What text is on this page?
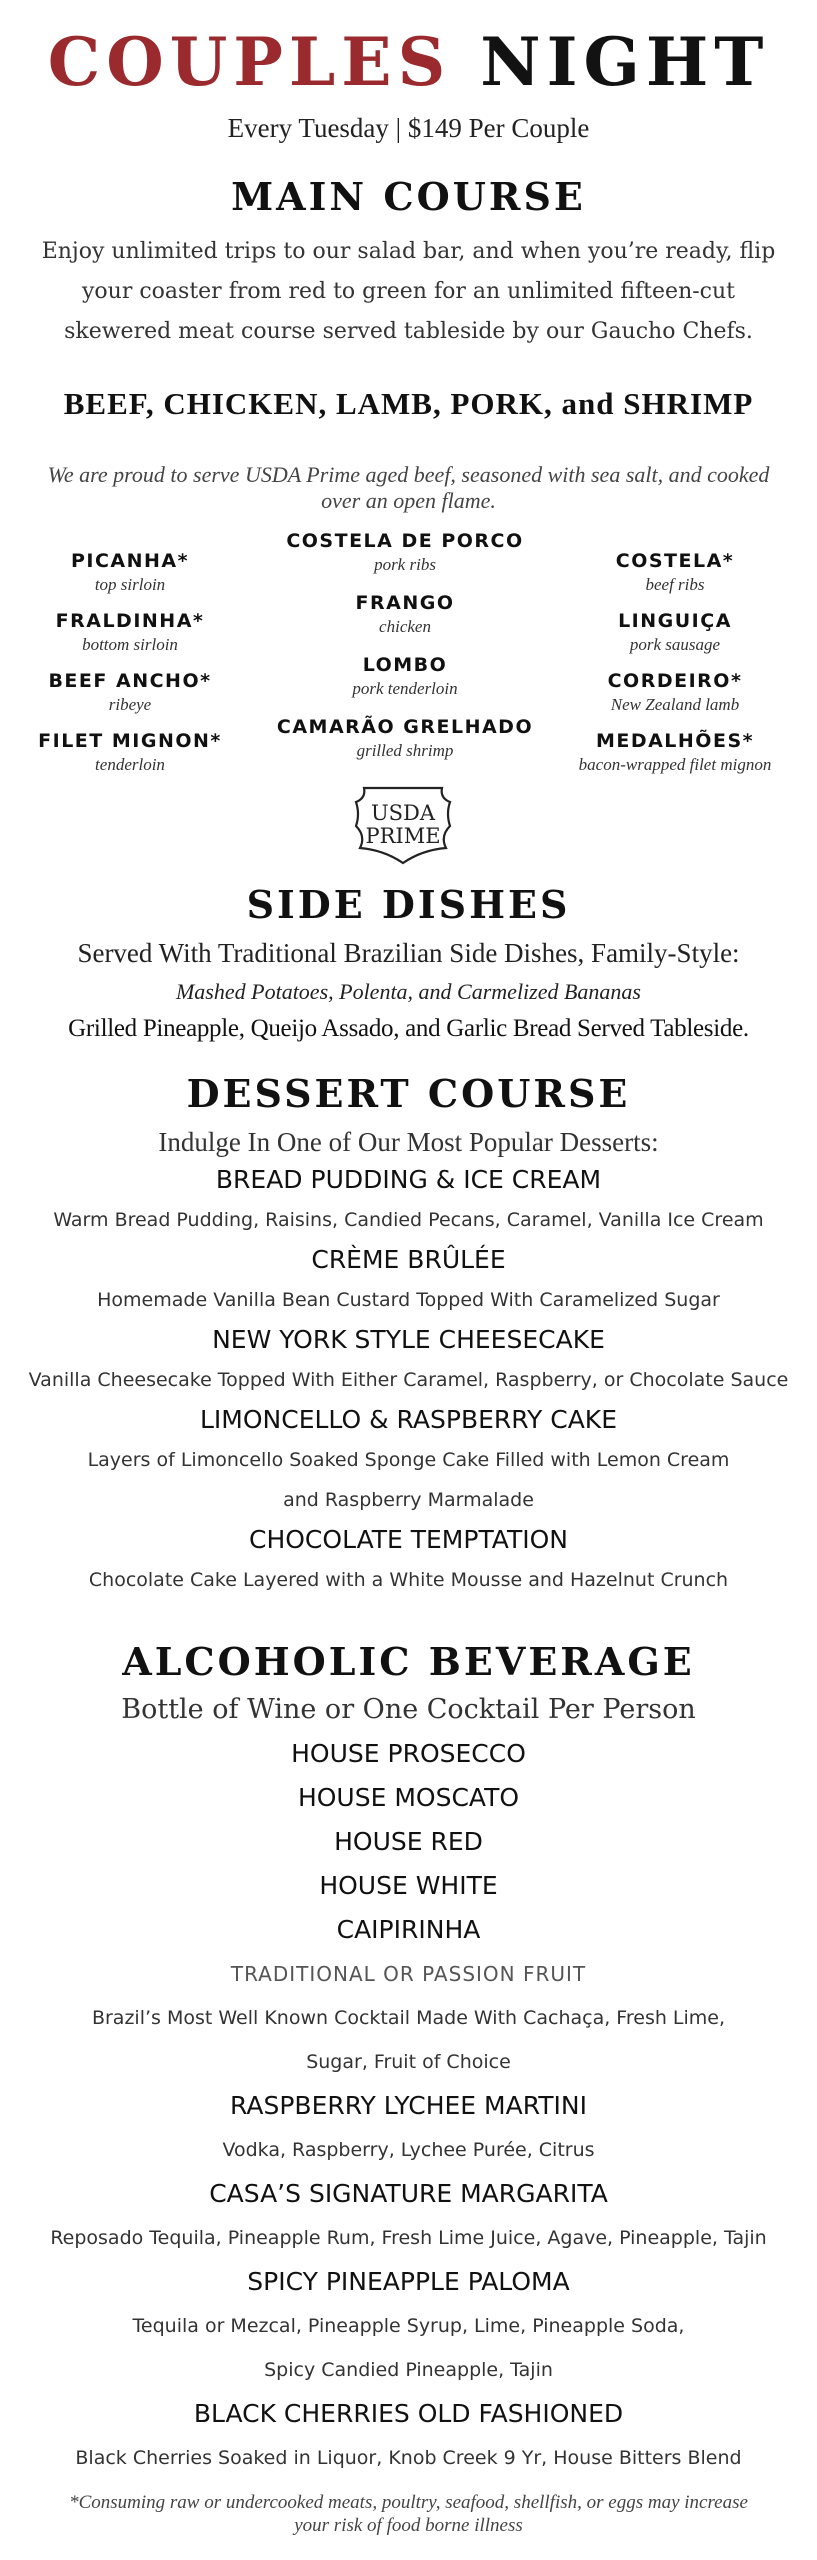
COUPLES NIGHT
Every Tuesday | $149 Per Couple
MAIN COURSE
Enjoy unlimited trips to our salad bar, and when you’re ready, flip your coaster from red to green for an unlimited fifteen-cut skewered meat course served tableside by our Gaucho Chefs.
BEEF, CHICKEN, LAMB, PORK, and SHRIMP
We are proud to serve USDA Prime aged beef, seasoned with sea salt, and cooked over an open flame.
PICANHA*
top sirloin
FRALDINHA*
bottom sirloin
BEEF ANCHO*
ribeye
FILET MIGNON*
tenderloin
COSTELA DE PORCO
pork ribs
FRANGO
chicken
LOMBO
pork tenderloin
CAMARÃO GRELHADO
grilled shrimp
COSTELA*
beef ribs
LINGUIÇA
pork sausage
CORDEIRO*
New Zealand lamb
MEDALHÕES*
bacon-wrapped filet mignon
USDA
PRIME
SIDE DISHES
Served With Traditional Brazilian Side Dishes, Family-Style:
Mashed Potatoes, Polenta, and Carmelized Bananas
Grilled Pineapple, Queijo Assado, and Garlic Bread Served Tableside.
DESSERT COURSE
Indulge In One of Our Most Popular Desserts:
BREAD PUDDING & ICE CREAM
Warm Bread Pudding, Raisins, Candied Pecans, Caramel, Vanilla Ice Cream
CRÈME BRÛLÉE
Homemade Vanilla Bean Custard Topped With Caramelized Sugar
NEW YORK STYLE CHEESECAKE
Vanilla Cheesecake Topped With Either Caramel, Raspberry, or Chocolate Sauce
LIMONCELLO & RASPBERRY CAKE
Layers of Limoncello Soaked Sponge Cake Filled with Lemon Cream
and Raspberry Marmalade
CHOCOLATE TEMPTATION
Chocolate Cake Layered with a White Mousse and Hazelnut Crunch
ALCOHOLIC BEVERAGE
Bottle of Wine or One Cocktail Per Person
HOUSE PROSECCO
HOUSE MOSCATO
HOUSE RED
HOUSE WHITE
CAIPIRINHA
TRADITIONAL OR PASSION FRUIT
Brazil’s Most Well Known Cocktail Made With Cachaça, Fresh Lime,
Sugar, Fruit of Choice
RASPBERRY LYCHEE MARTINI
Vodka, Raspberry, Lychee Purée, Citrus
CASA’S SIGNATURE MARGARITA
Reposado Tequila, Pineapple Rum, Fresh Lime Juice, Agave, Pineapple, Tajin
SPICY PINEAPPLE PALOMA
Tequila or Mezcal, Pineapple Syrup, Lime, Pineapple Soda,
Spicy Candied Pineapple, Tajin
BLACK CHERRIES OLD FASHIONED
Black Cherries Soaked in Liquor, Knob Creek 9 Yr, House Bitters Blend
*Consuming raw or undercooked meats, poultry, seafood, shellfish, or eggs may increase your risk of food borne illness
